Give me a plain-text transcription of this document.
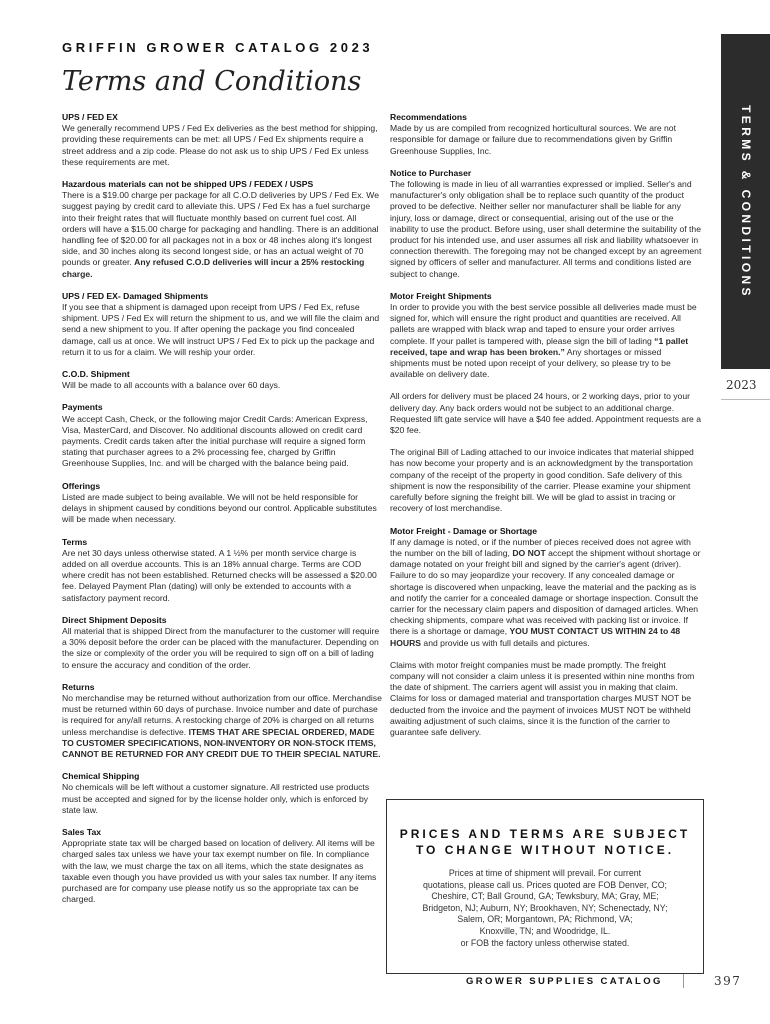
GRIFFIN GROWER CATALOG 2023
Terms and Conditions
TERMS & CONDITIONS
2023
UPS / FED EX

We generally recommend UPS / Fed Ex deliveries as the best method for shipping, providing these requirements can be met: all UPS / Fed Ex shipments require a street address and a zip code. Please do not ask us to ship UPS / Fed Ex unless these requirements are met.

Hazardous materials can not be shipped UPS / FEDEX / USPS

There is a $19.00 charge per package for all C.O.D deliveries by UPS / Fed Ex. We suggest paying by credit card to alleviate this. UPS / Fed Ex has a fuel surcharge into their freight rates that will fluctuate monthly based on current fuel cost. All orders will have a $15.00 charge for packaging and handling. There is an additional handling fee of $20.00 for all packages not in a box or 48 inches along it's longest side, and 30 inches along its second longest side, or has an actual weight of 70 pounds or greater. Any refused C.O.D deliveries will incur a 25% restocking charge.

UPS / FED EX- Damaged Shipments

If you see that a shipment is damaged upon receipt from UPS / Fed Ex, refuse shipment. UPS / Fed Ex will return the shipment to us, and we will file the claim and send a new shipment to you. If after opening the package you find concealed damage, call us at once. We will instruct UPS / Fed Ex to pick up the package and return it to us for a claim. We will reship your order.

C.O.D. Shipment

Will be made to all accounts with a balance over 60 days.

Payments

We accept Cash, Check, or the following major Credit Cards: American Express, Visa, MasterCard, and Discover. No additional discounts allowed on credit card payments. Credit cards taken after the initial purchase will require a signed form stating that purchaser agrees to a 2% processing fee, charged by Griffin Greenhouse Supplies, Inc. and will be charged with the balance being paid.

Offerings

Listed are made subject to being available. We will not be held responsible for delays in shipment caused by conditions beyond our control. Applicable substitutes will be made when necessary.

Terms

Are net 30 days unless otherwise stated. A 1 ½% per month service charge is added on all overdue accounts. This is an 18% annual charge. Terms are COD where credit has not been established. Returned checks will be assessed a $20.00 fee. Delayed Payment Plan (dating) will only be extended to accounts with a satisfactory payment record.

Direct Shipment Deposits

All material that is shipped Direct from the manufacturer to the customer will require a 30% deposit before the order can be placed with the manufacturer. Depending on the size or complexity of the order you will be required to sign off on a bill of lading to ensure the accuracy and condition of the order.

Returns

No merchandise may be returned without authorization from our office. Merchandise must be returned within 60 days of purchase. Invoice number and date of purchase is required for any/all returns. A restocking charge of 20% is charged on all returns unless merchandise is defective. ITEMS THAT ARE SPECIAL ORDERED, MADE TO CUSTOMER SPECIFICATIONS, NON-INVENTORY OR NON-STOCK ITEMS, CANNOT BE RETURNED FOR ANY CREDIT DUE TO THEIR SPECIAL NATURE.

Chemical Shipping

No chemicals will be left without a customer signature. All restricted use products must be accepted and signed for by the license holder only, which is enforced by state law.

Sales Tax

Appropriate state tax will be charged based on location of delivery. All items will be charged sales tax unless we have your tax exempt number on file. In compliance with the law, we must charge the tax on all items, which the state designates as taxable even though you have provided us with your sales tax number. If any items purchased are for company use please notify us so the appropriate tax can be charged.

Recommendations

Made by us are compiled from recognized horticultural sources. We are not responsible for damage or failure due to recommendations given by Griffin Greenhouse Supplies, Inc.

Notice to Purchaser

The following is made in lieu of all warranties expressed or implied. Seller's and manufacturer's only obligation shall be to replace such quantity of the product proved to be defective. Neither seller nor manufacturer shall be liable for any injury, loss or damage, direct or consequential, arising out of the use or the inability to use the product. Before using, user shall determine the suitability of the product for his intended use, and user assumes all risk and liability whatsoever in connection therewith. The foregoing may not be changed except by an agreement signed by officers of seller and manufacturer. All terms and conditions listed are subject to change.

Motor Freight Shipments

In order to provide you with the best service possible all deliveries made must be signed for, which will ensure the right product and quantities are received. All pallets are wrapped with black wrap and taped to ensure your order arrives complete. If your pallet is tampered with, please sign the bill of lading “1 pallet received, tape and wrap has been broken.” Any shortages or missed shipments must be noted upon receipt of your delivery, so please try to be available on delivery date.

All orders for delivery must be placed 24 hours, or 2 working days, prior to your delivery day. Any back orders would not be subject to an additional charge. Requested lift gate service will have a $40 fee added. Appointment requests are a $20 fee.

The original Bill of Lading attached to our invoice indicates that material shipped has now become your property and is an acknowledgment by the transportation company of the receipt of the property in good condition. Safe delivery of this shipment is now the responsibility of the carrier. Please examine your shipment carefully before signing the freight bill. We will be glad to assist in tracing or recovery of lost merchandise.

Motor Freight - Damage or Shortage

If any damage is noted, or if the number of pieces received does not agree with the number on the bill of lading, DO NOT accept the shipment without shortage or damage notated on your freight bill and signed by the carrier's agent (driver). Failure to do so may jeopardize your recovery. If any concealed damage or shortage is discovered when unpacking, leave the material and the packing as is and notify the carrier for a concealed damage or shortage inspection. Consult the carrier for the necessary claim papers and disposition of damaged articles. When checking shipments, compare what was received with packing list or invoice. If there is a shortage or damage, YOU MUST CONTACT US WITHIN 24 to 48 HOURS and provide us with full details and pictures.

Claims with motor freight companies must be made promptly. The freight company will not consider a claim unless it is presented within nine months from the date of shipment. The carriers agent will assist you in making that claim. Claims for loss or damaged material and transportation charges MUST NOT be deducted from the invoice and the payment of invoices MUST NOT be withheld awaiting adjustment of such claims, since it is the function of the carrier to guarantee safe delivery.

PRICES AND TERMS ARE SUBJECT
TO CHANGE WITHOUT NOTICE.
Prices at time of shipment will prevail. For current
quotations, please call us. Prices quoted are FOB Denver, CO;
Cheshire, CT; Ball Ground, GA; Tewksbury, MA; Gray, ME;
Bridgeton, NJ; Auburn, NY; Brookhaven, NY; Schenectady, NY;
Salem, OR; Morgantown, PA; Richmond, VA;
Knoxville, TN; and Woodridge, IL.
or FOB the factory unless otherwise stated.
GROWER SUPPLIES CATALOG	397
